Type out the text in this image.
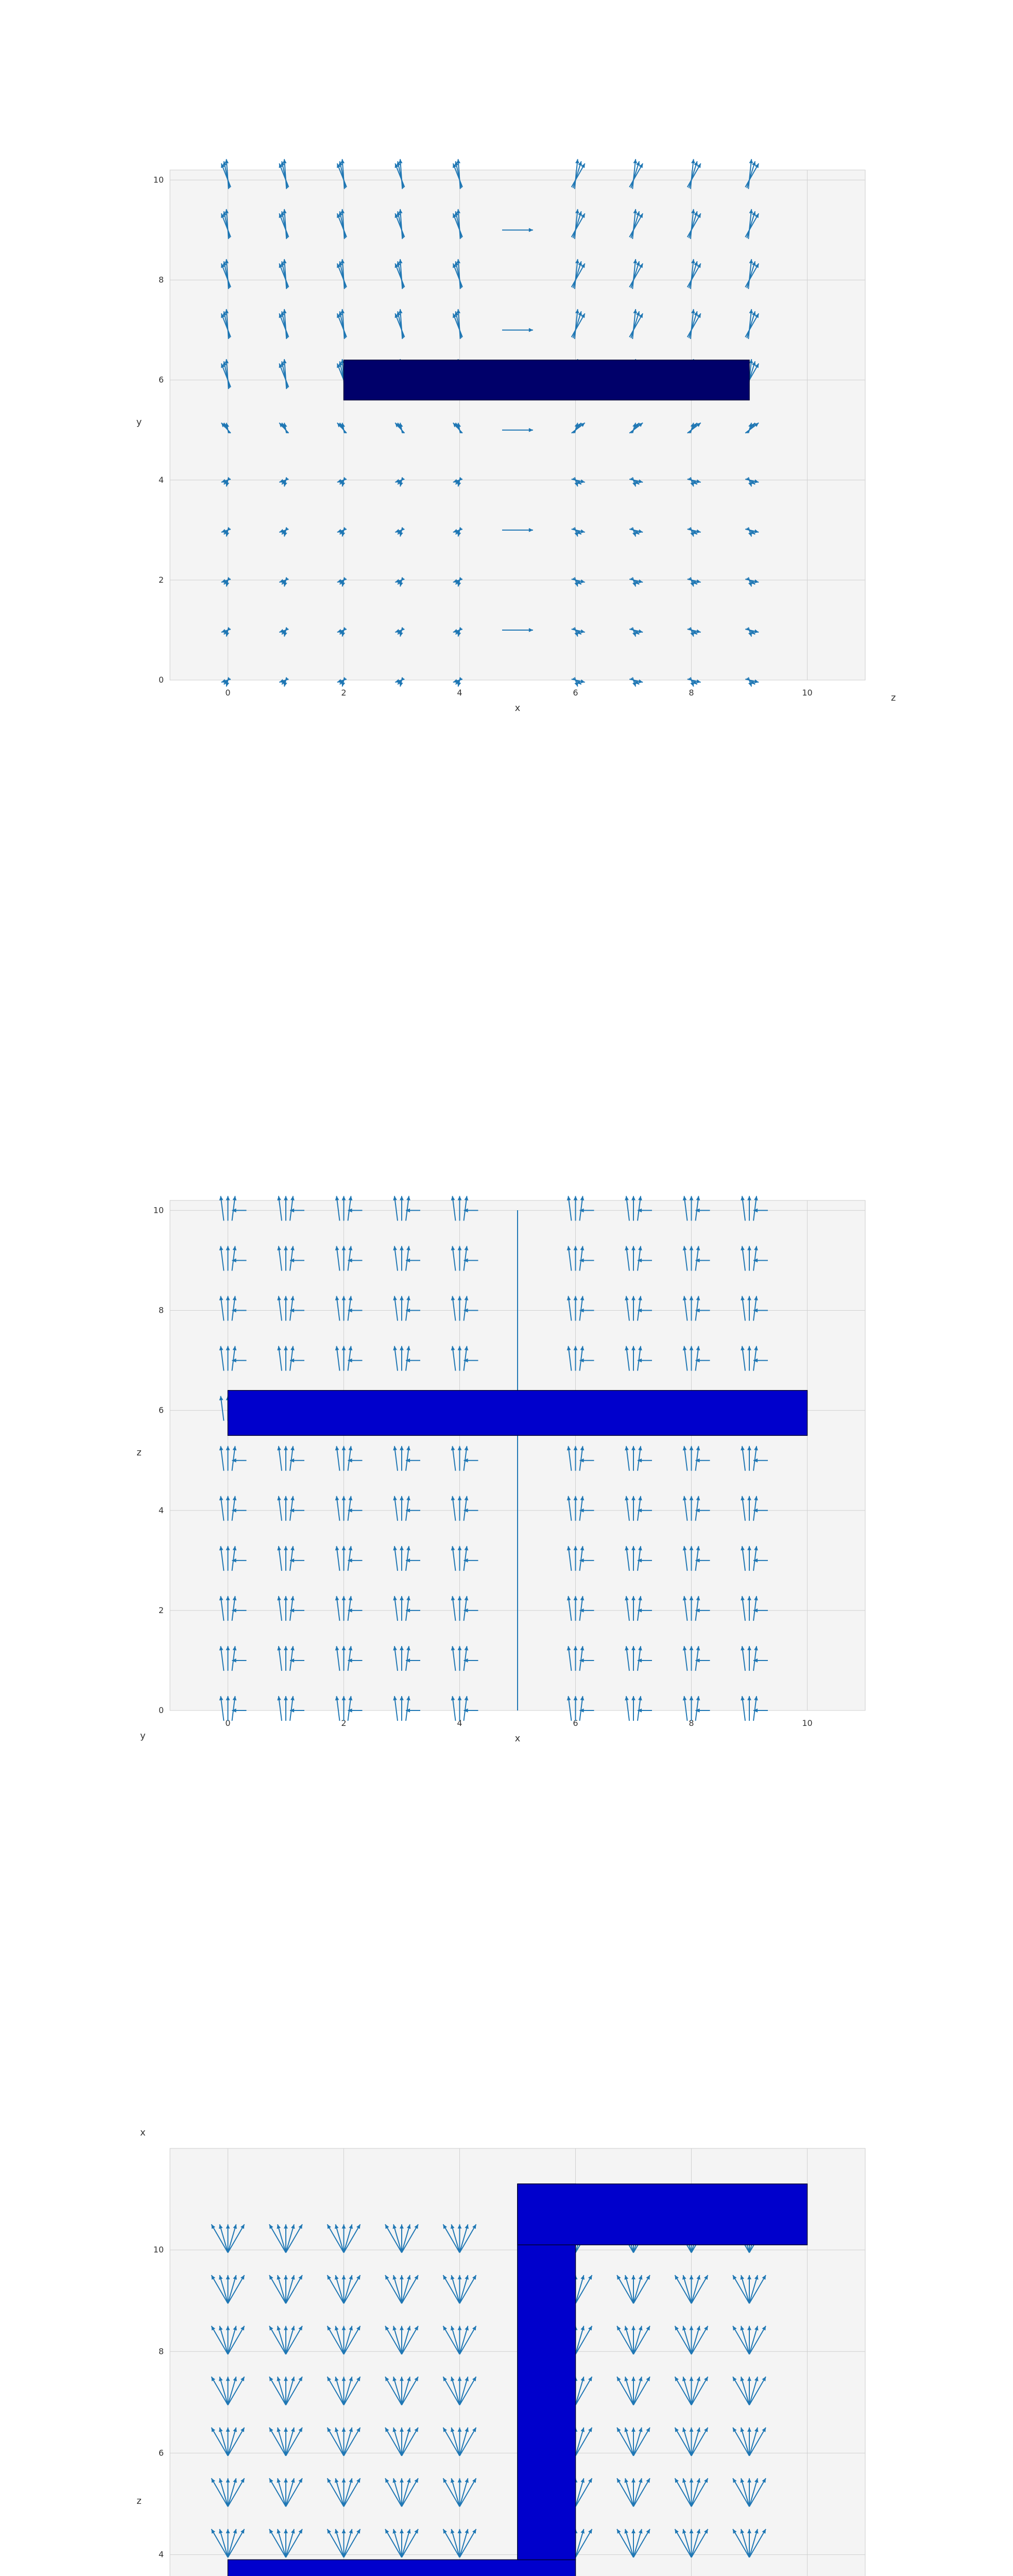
0	2	4	6	8	10
0
2
4
6
8
10
x
y
z
0	2	4	6	8	10
0
2
4
6
8
10
x
z
y
4
6
8
10
z
x
